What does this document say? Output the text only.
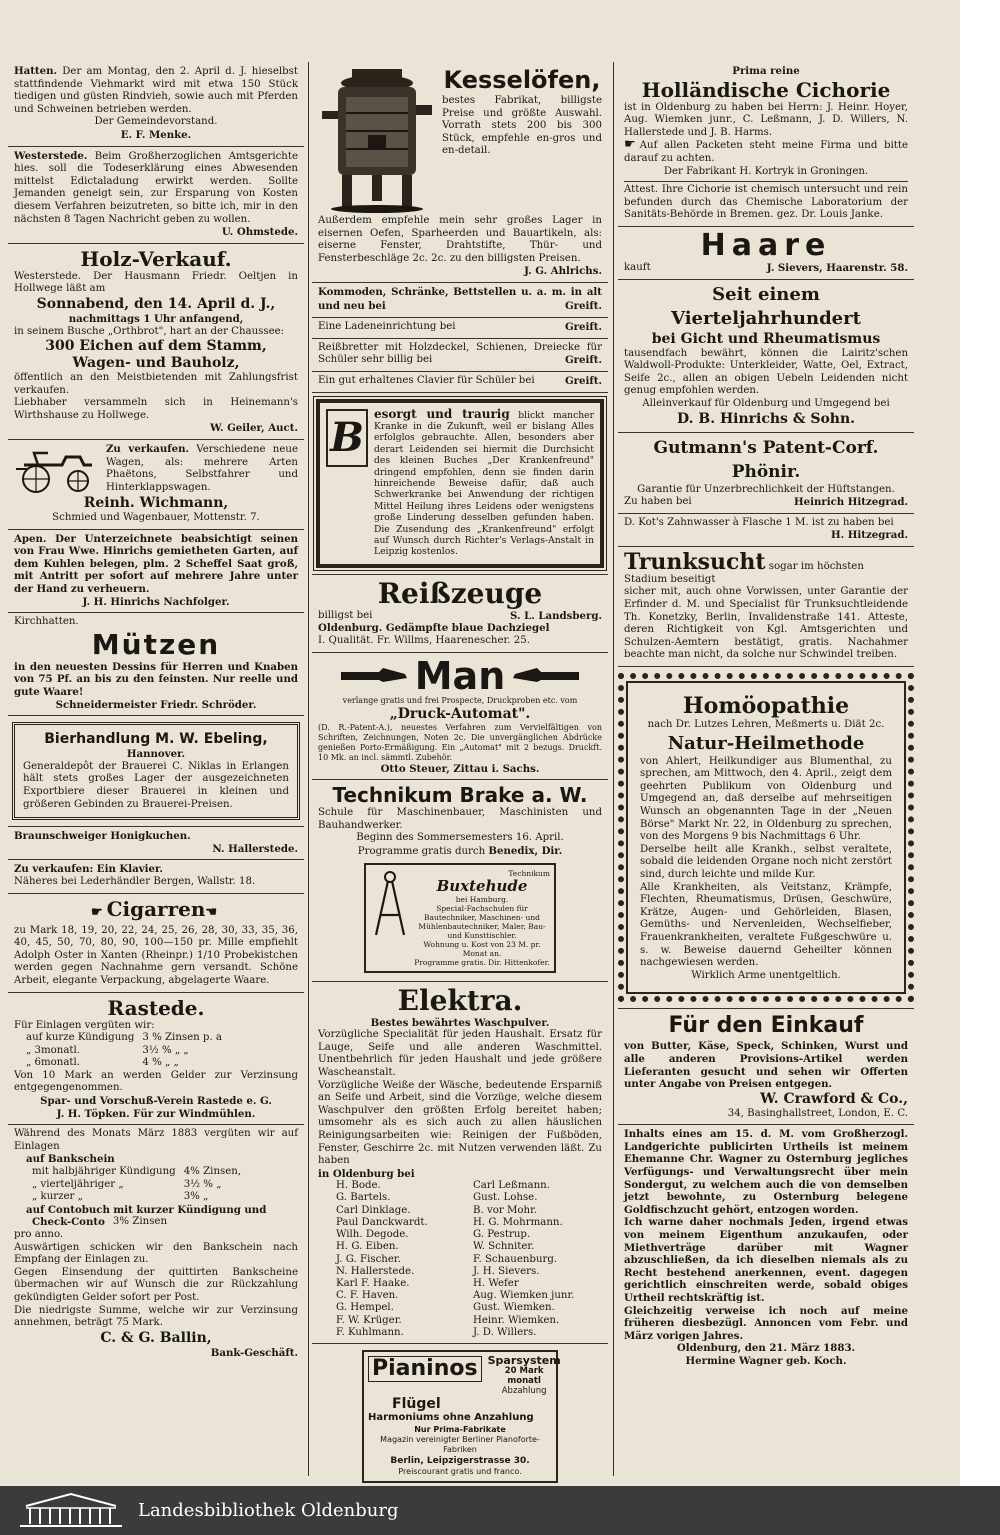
Hatten. Der am Montag, den 2. April d. J. hieselbst stattfindende Viehmarkt wird mit etwa 150 Stück tiedigen und güsten Rindvieh, sowie auch mit Pferden und Schweinen betrieben werden.

Der Gemeindevorstand.

E. F. Menke.

Westerstede. Beim Großherzoglichen Amtsgerichte hies. soll die Todeserklärung eines Abwesenden mittelst Edictaladung erwirkt werden. Sollte Jemanden geneigt sein, zur Ersparung von Kosten diesem Verfahren beizutreten, so bitte ich, mir in den nächsten 8 Tagen Nachricht geben zu wollen.

U. Ohmstede.

Holz-Verkauf.

Westerstede. Der Hausmann Friedr. Oeltjen in Hollwege läßt am

Sonnabend, den 14. April d. J.,

nachmittags 1 Uhr anfangend,

in seinem Busche „Orthbrot", hart an der Chaussee:

300 Eichen auf dem Stamm,

Wagen- und Bauholz,

öffentlich an den Meistbietenden mit Zahlungsfrist verkaufen.

Liebhaber versammeln sich in Heinemann's Wirthshause zu Hollwege.

W. Geiler, Auct.

Zu verkaufen. Verschiedene neue Wagen, als: mehrere Arten Phaëtons, Selbstfahrer und Hinterklappswagen.

Reinh. Wichmann,

Schmied und Wagenbauer, Mottenstr. 7.

Apen. Der Unterzeichnete beabsichtigt seinen von Frau Wwe. Hinrichs gemietheten Garten, auf dem Kuhlen belegen, plm. 2 Scheffel Saat groß, mit Antritt per sofort auf mehrere Jahre unter der Hand zu verheuern.

J. H. Hinrichs Nachfolger.

Kirchhatten.

Mützen

in den neuesten Dessins für Herren und Knaben von 75 Pf. an bis zu den feinsten. Nur reelle und gute Waare!

Schneidermeister Friedr. Schröder.

Bierhandlung M. W. Ebeling,

Hannover.

Generaldepôt der Brauerei C. Niklas in Erlangen hält stets großes Lager der ausgezeichneten Exportbiere dieser Brauerei in kleinen und größeren Gebinden zu Brauerei-Preisen.

Braunschweiger Honigkuchen.

N. Hallerstede.

Zu verkaufen: Ein Klavier.

Näheres bei Lederhändler Bergen, Wallstr. 18.

☛ Cigarren☚

zu Mark 18, 19, 20, 22, 24, 25, 26, 28, 30, 33, 35, 36, 40, 45, 50, 70, 80, 90, 100—150 pr. Mille empfiehlt Adolph Oster in Xanten (Rheinpr.) 1/10 Probekistchen werden gegen Nachnahme gern versandt. Schöne Arbeit, elegante Verpackung, abgelagerte Waare.

Rastede.

Für Einlagen vergüten wir:

auf kurze Kündigung 3 % Zinsen p. a
„ 3monatl.	3½ % „ „
„ 6monatl.	4 % „ „

Von 10 Mark an werden Gelder zur Verzinsung entgegengenommen.

Spar- und Vorschuß-Verein Rastede e. G.

J. H. Töpken. Für zur Windmühlen.

Während des Monats März 1883 vergüten wir auf Einlagen

auf Bankschein

mit halbjähriger Kündigung 4% Zinsen,
„ vierteljähriger „	3½ % „
„ kurzer „	3% „

auf Contobuch mit kurzer Kündigung und

Check-Conto 3% Zinsen

pro anno.

Auswärtigen schicken wir den Bankschein nach Empfang der Einlagen zu.

Gegen Einsendung der quittirten Bankscheine übermachen wir auf Wunsch die zur Rückzahlung gekündigten Gelder sofort per Post.

Die niedrigste Summe, welche wir zur Verzinsung annehmen, beträgt 75 Mark.

C. & G. Ballin,

Bank-Geschäft.

Kesselöfen,

bestes Fabrikat, billigste Preise und größte Auswahl. Vorrath stets 200 bis 300 Stück, empfehle en-gros und en-detail.

Außerdem empfehle mein sehr großes Lager in eisernen Oefen, Sparheerden und Bauartikeln, als: eiserne Fenster, Drahtstifte, Thür- und Fensterbeschläge 2c. 2c. zu den billigsten Preisen.

J. G. Ahlrichs.

Kommoden, Schränke, Bettstellen u. a. m. in alt und neu bei	Greift.

Eine Ladeneinrichtung bei	Greift.

Reißbretter mit Holzdeckel, Schienen, Dreiecke für Schüler sehr billig bei	Greift.

Ein gut erhaltenes Clavier für Schüler bei	Greift.

B esorgt und traurig blickt mancher Kranke in die Zukunft, weil er bislang Alles erfolglos gebrauchte. Allen, besonders aber derart Leidenden sei hiermit die Durchsicht des kleinen Buches „Der Krankenfreund" dringend empfohlen, denn sie finden darin hinreichende Beweise dafür, daß auch Schwerkranke bei Anwendung der richtigen Mittel Heilung ihres Leidens oder wenigstens große Linderung desselben gefunden haben. Die Zusendung des „Krankenfreund" erfolgt auf Wunsch durch Richter's Verlags-Anstalt in Leipzig kostenlos.

Reißzeuge

billigst bei	S. L. Landsberg.

Oldenburg. Gedämpfte blaue Dachziegel

I. Qualität. Fr. Willms, Haarenescher. 25.

Man

verlange gratis und frei Prospecte, Druckproben etc. vom

„Druck-Automat".

(D. R.-Patent-A.), neuestes Verfahren zum Vervielfältigen von Schriften, Zeichnungen, Noten 2c. Die unvergänglichen Abdrücke genießen Porto-Ermäßigung. Ein „Automat" mit 2 bezugs. Druckft. 10 Mk. an incl. sämmtl. Zubehör.

Otto Steuer, Zittau i. Sachs.

Technikum Brake a. W.

Schule für Maschinenbauer, Maschinisten und Bauhandwerker.

Beginn des Sommersemesters 16. April.

Programme gratis durch Benedix, Dir.

Technikum

Buxtehude

bei Hamburg.

Special-Fachschulen für Bautechniker, Maschinen- und Mühlenbautechniker, Maler, Bau- und Kunsttischler.

Wohnung u. Kost von 23 M. pr. Monat an.

Programme gratis. Dir. Hittenkofer.

Elektra.

Bestes bewährtes Waschpulver.

Vorzügliche Specialität für jeden Haushalt. Ersatz für Lauge, Seife und alle anderen Waschmittel. Unentbehrlich für jeden Haushalt und jede größere Wascheanstalt.

Vorzügliche Weiße der Wäsche, bedeutende Ersparniß an Seife und Arbeit, sind die Vorzüge, welche diesem Waschpulver den größten Erfolg bereitet haben; umsomehr als es sich auch zu allen häuslichen Reinigungsarbeiten wie: Reinigen der Fußböden, Fenster, Geschirre 2c. mit Nutzen verwenden läßt. Zu haben

in Oldenburg bei

H. Bode.	Carl Leßmann.
G. Bartels.	Gust. Lohse.
Carl Dinklage.	B. vor Mohr.
Paul Danckwardt.	H. G. Mohrmann.
Wilh. Degode.	G. Pestrup.
H. G. Eiben.	W. Schniter.
J. G. Fischer.	F. Schauenburg.
N. Hallerstede.	J. H. Sievers.
Karl F. Haake.	H. Wefer
C. F. Haven.	Aug. Wiemken junr.
G. Hempel.	Gust. Wiemken.
F. W. Krüger.	Heinr. Wiemken.
F. Kuhlmann.	J. D. Willers.
Pianinos Sparsystem

20 Mark monatl

Abzahlung

Flügel

Harmoniums ohne Anzahlung

Nur Prima-Fabrikate

Magazin vereinigter Berliner Pianoforte-Fabriken

Berlin, Leipzigerstrasse 30.

Preiscourant gratis und franco.

Prima reine

Holländische Cichorie

ist in Oldenburg zu haben bei Herrn: J. Heinr. Hoyer, Aug. Wiemken junr., C. Leßmann, J. D. Willers, N. Hallerstede und J. B. Harms.

☛ Auf allen Packeten steht meine Firma und bitte darauf zu achten.

Der Fabrikant H. Kortryk in Groningen.

Attest. Ihre Cichorie ist chemisch untersucht und rein befunden durch das Chemische Laboratorium der Sanitäts-Behörde in Bremen. gez. Dr. Louis Janke.

Haare

kauft	J. Sievers, Haarenstr. 58.

Seit einem Vierteljahrhundert

bei Gicht und Rheumatismus

tausendfach bewährt, können die Lairitz'schen Waldwoll-Produkte: Unterkleider, Watte, Oel, Extract, Seife 2c., allen an obigen Uebeln Leidenden nicht genug empfohlen werden.

Alleinverkauf für Oldenburg und Umgegend bei

D. B. Hinrichs & Sohn.

Gutmann's Patent-Corf. Phönir.

Garantie für Unzerbrechlichkeit der Hüftstangen.

Zu haben bei	Heinrich Hitzegrad.

D. Kot's Zahnwasser à Flasche 1 M. ist zu haben bei

H. Hitzegrad.

Trunksucht sogar im höchsten Stadium beseitigt

sicher mit, auch ohne Vorwissen, unter Garantie der Erfinder d. M. und Specialist für Trunksuchtleidende Th. Konetzky, Berlin, Invalidenstraße 141. Atteste, deren Richtigkeit von Kgl. Amtsgerichten und Schulzen-Aemtern bestätigt, gratis. Nachahmer beachte man nicht, da solche nur Schwindel treiben.

Homöopathie

nach Dr. Lutzes Lehren, Meßmerts u. Diät 2c.

Natur-Heilmethode

von Ahlert, Heilkundiger aus Blumenthal, zu sprechen, am Mittwoch, den 4. April., zeigt dem geehrten Publikum von Oldenburg und Umgegend an, daß derselbe auf mehrseitigen Wunsch an obgenannten Tage in der „Neuen Börse" Markt Nr. 22, in Oldenburg zu sprechen, von des Morgens 9 bis Nachmittags 6 Uhr.

Derselbe heilt alle Krankh., selbst veraltete, sobald die leidenden Organe noch nicht zerstört sind, durch leichte und milde Kur.

Alle Krankheiten, als Veitstanz, Krämpfe, Flechten, Rheumatismus, Drüsen, Geschwüre, Krätze, Augen- und Gehörleiden, Blasen, Gemüths- und Nervenleiden, Wechselfieber, Frauenkrankheiten, veraltete Fußgeschwüre u. s. w. Beweise dauernd Geheilter können nachgewiesen werden.

Wirklich Arme unentgeltlich.

Für den Einkauf

von Butter, Käse, Speck, Schinken, Wurst und alle anderen Provisions-Artikel werden Lieferanten gesucht und sehen wir Offerten unter Angabe von Preisen entgegen.

W. Crawford & Co.,

34, Basinghallstreet, London, E. C.

Inhalts eines am 15. d. M. vom Großherzogl. Landgerichte publicirten Urtheils ist meinem Ehemanne Chr. Wagner zu Osternburg jegliches Verfügungs- und Verwaltungsrecht über mein Sondergut, zu welchem auch die von demselben jetzt bewohnte, zu Osternburg belegene Goldfischzucht gehört, entzogen worden.

Ich warne daher nochmals Jeden, irgend etwas von meinem Eigenthum anzukaufen, oder Miethverträge darüber mit Wagner abzuschließen, da ich dieselben niemals als zu Recht bestehend anerkennen, event. dagegen gerichtlich einschreiten werde, sobald obiges Urtheil rechtskräftig ist.

Gleichzeitig verweise ich noch auf meine früheren diesbezügl. Annoncen vom Febr. und März vorigen Jahres.

Oldenburg, den 21. März 1883.

Hermine Wagner geb. Koch.

Landesbibliothek Oldenburg
